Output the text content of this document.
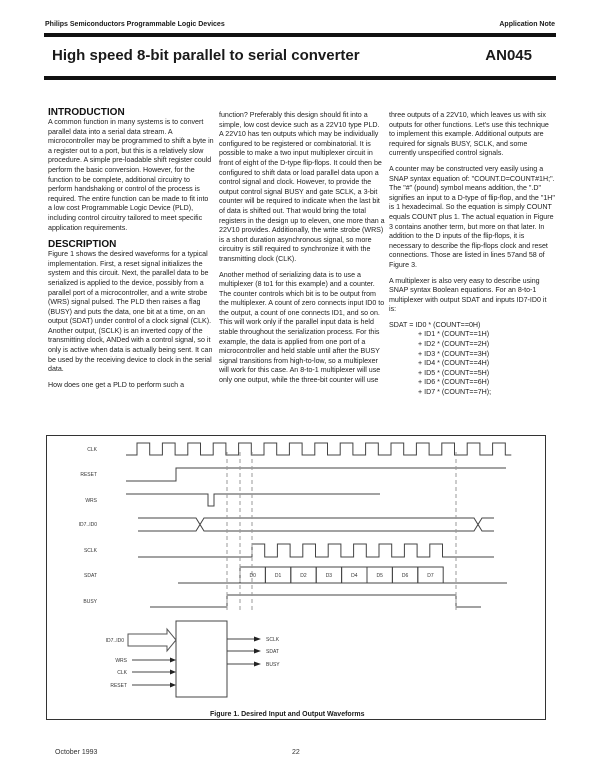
Philips Semiconductors Programmable Logic Devices	Application Note
High speed 8-bit parallel to serial converter	AN045
INTRODUCTION

A common function in many systems is to convert parallel data into a serial data stream. A microcontroller may be programmed to shift a byte in a register out to a port, but this is a relatively slow procedure. A simple pre-loadable shift register could perform the basic conversion. However, for the function to be complete, additional circuitry to perform handshaking or control of the process is required. The entire function can be made to fit into a low cost Programmable Logic Device (PLD), including control circuitry tailored to meet specific application requirements.

DESCRIPTION

Figure 1 shows the desired waveforms for a typical implementation. First, a reset signal initializes the system and this circuit. Next, the parallel data to be serialized is applied to the device, possibly from a parallel port of a microcontroller, and a write strobe (WRS) signal pulsed. The PLD then raises a flag (BUSY) and puts the data, one bit at a time, on an output (SDAT) under control of a clock signal (CLK). Another output, (SCLK) is an inverted copy of the transmitting clock, ANDed with a control signal, so it only is active when data is actually being sent. It can be used by the receiving device to clock in the serial data.

How does one get a PLD to perform such a

function? Preferably this design should fit into a simple, low cost device such as a 22V10 type PLD. A 22V10 has ten outputs which may be individually configured to be registered or combinatorial. It is possible to make a two input multiplexer circuit in front of eight of the D-type flip-flops. It could then be configured to shift data or load parallel data upon a control signal and clock. However, to provide the output control signal BUSY and gate SCLK, a 3-bit counter will be required to indicate when the last bit of data is shifted out. That would bring the total registers in the design up to eleven, one more than a 22V10 provides. Additionally, the write strobe (WRS) is a short duration asynchronous signal, so more circuitry is still required to synchronize it with the transmitting clock (CLK).

Another method of serializing data is to use a multiplexer (8 to1 for this example) and a counter. The counter controls which bit is to be output from the multiplexer. A count of zero connects input ID0 to the output, a count of one connects ID1, and so on. This will work only if the parallel input data is held stable throughout the serialization process. For this example, the data is applied from one port of a microcontroller and held stable until after the BUSY signal transitions from high-to-low, so a multiplexer will work for this case. An 8-to-1 multiplexer will use only one output, while the three-bit counter will use

three outputs of a 22V10, which leaves us with six outputs for other functions. Let's use this technique to implement this example. Additional outputs are required for signals BUSY, SCLK, and some currently unspecified control signals.

A counter may be constructed very easily using a SNAP syntax equation of: "COUNT.D=COUNT#1H;". The "#" (pound) symbol means addition, the ".D" signifies an input to a D-type of flip-flop, and the "1H" is 1 hexadecimal. So the equation is simply COUNT equals COUNT plus 1. The actual equation in Figure 3 contains another term, but more on that later. In addition to the D inputs of the flip-flops, it is necessary to describe the flip-flops clock and reset connections. Those are listed in lines 57and 58 of Figure 3.

A multiplexer is also very easy to describe using SNAP syntax Boolean equations. For an 8-to-1 multiplexer with output SDAT and inputs ID7-ID0 it is:

SDAT = ID0 * (COUNT==0H)
+ ID1 * (COUNT==1H)
+ ID2 * (COUNT==2H)
+ ID3 * (COUNT==3H)
+ ID4 * (COUNT==4H)
+ ID5 * (COUNT==5H)
+ ID6 * (COUNT==6H)
+ ID7 * (COUNT==7H);
CLK
RESET
WRS
ID7..ID0
SCLK
SDAT
BUSY
D0	D1	D2	D3	D4	D5	D6	D7
ID7..ID0
WRS
CLK
RESET
SCLK
SDAT
BUSY
Figure 1. Desired Input and Output Waveforms
October 1993	22
